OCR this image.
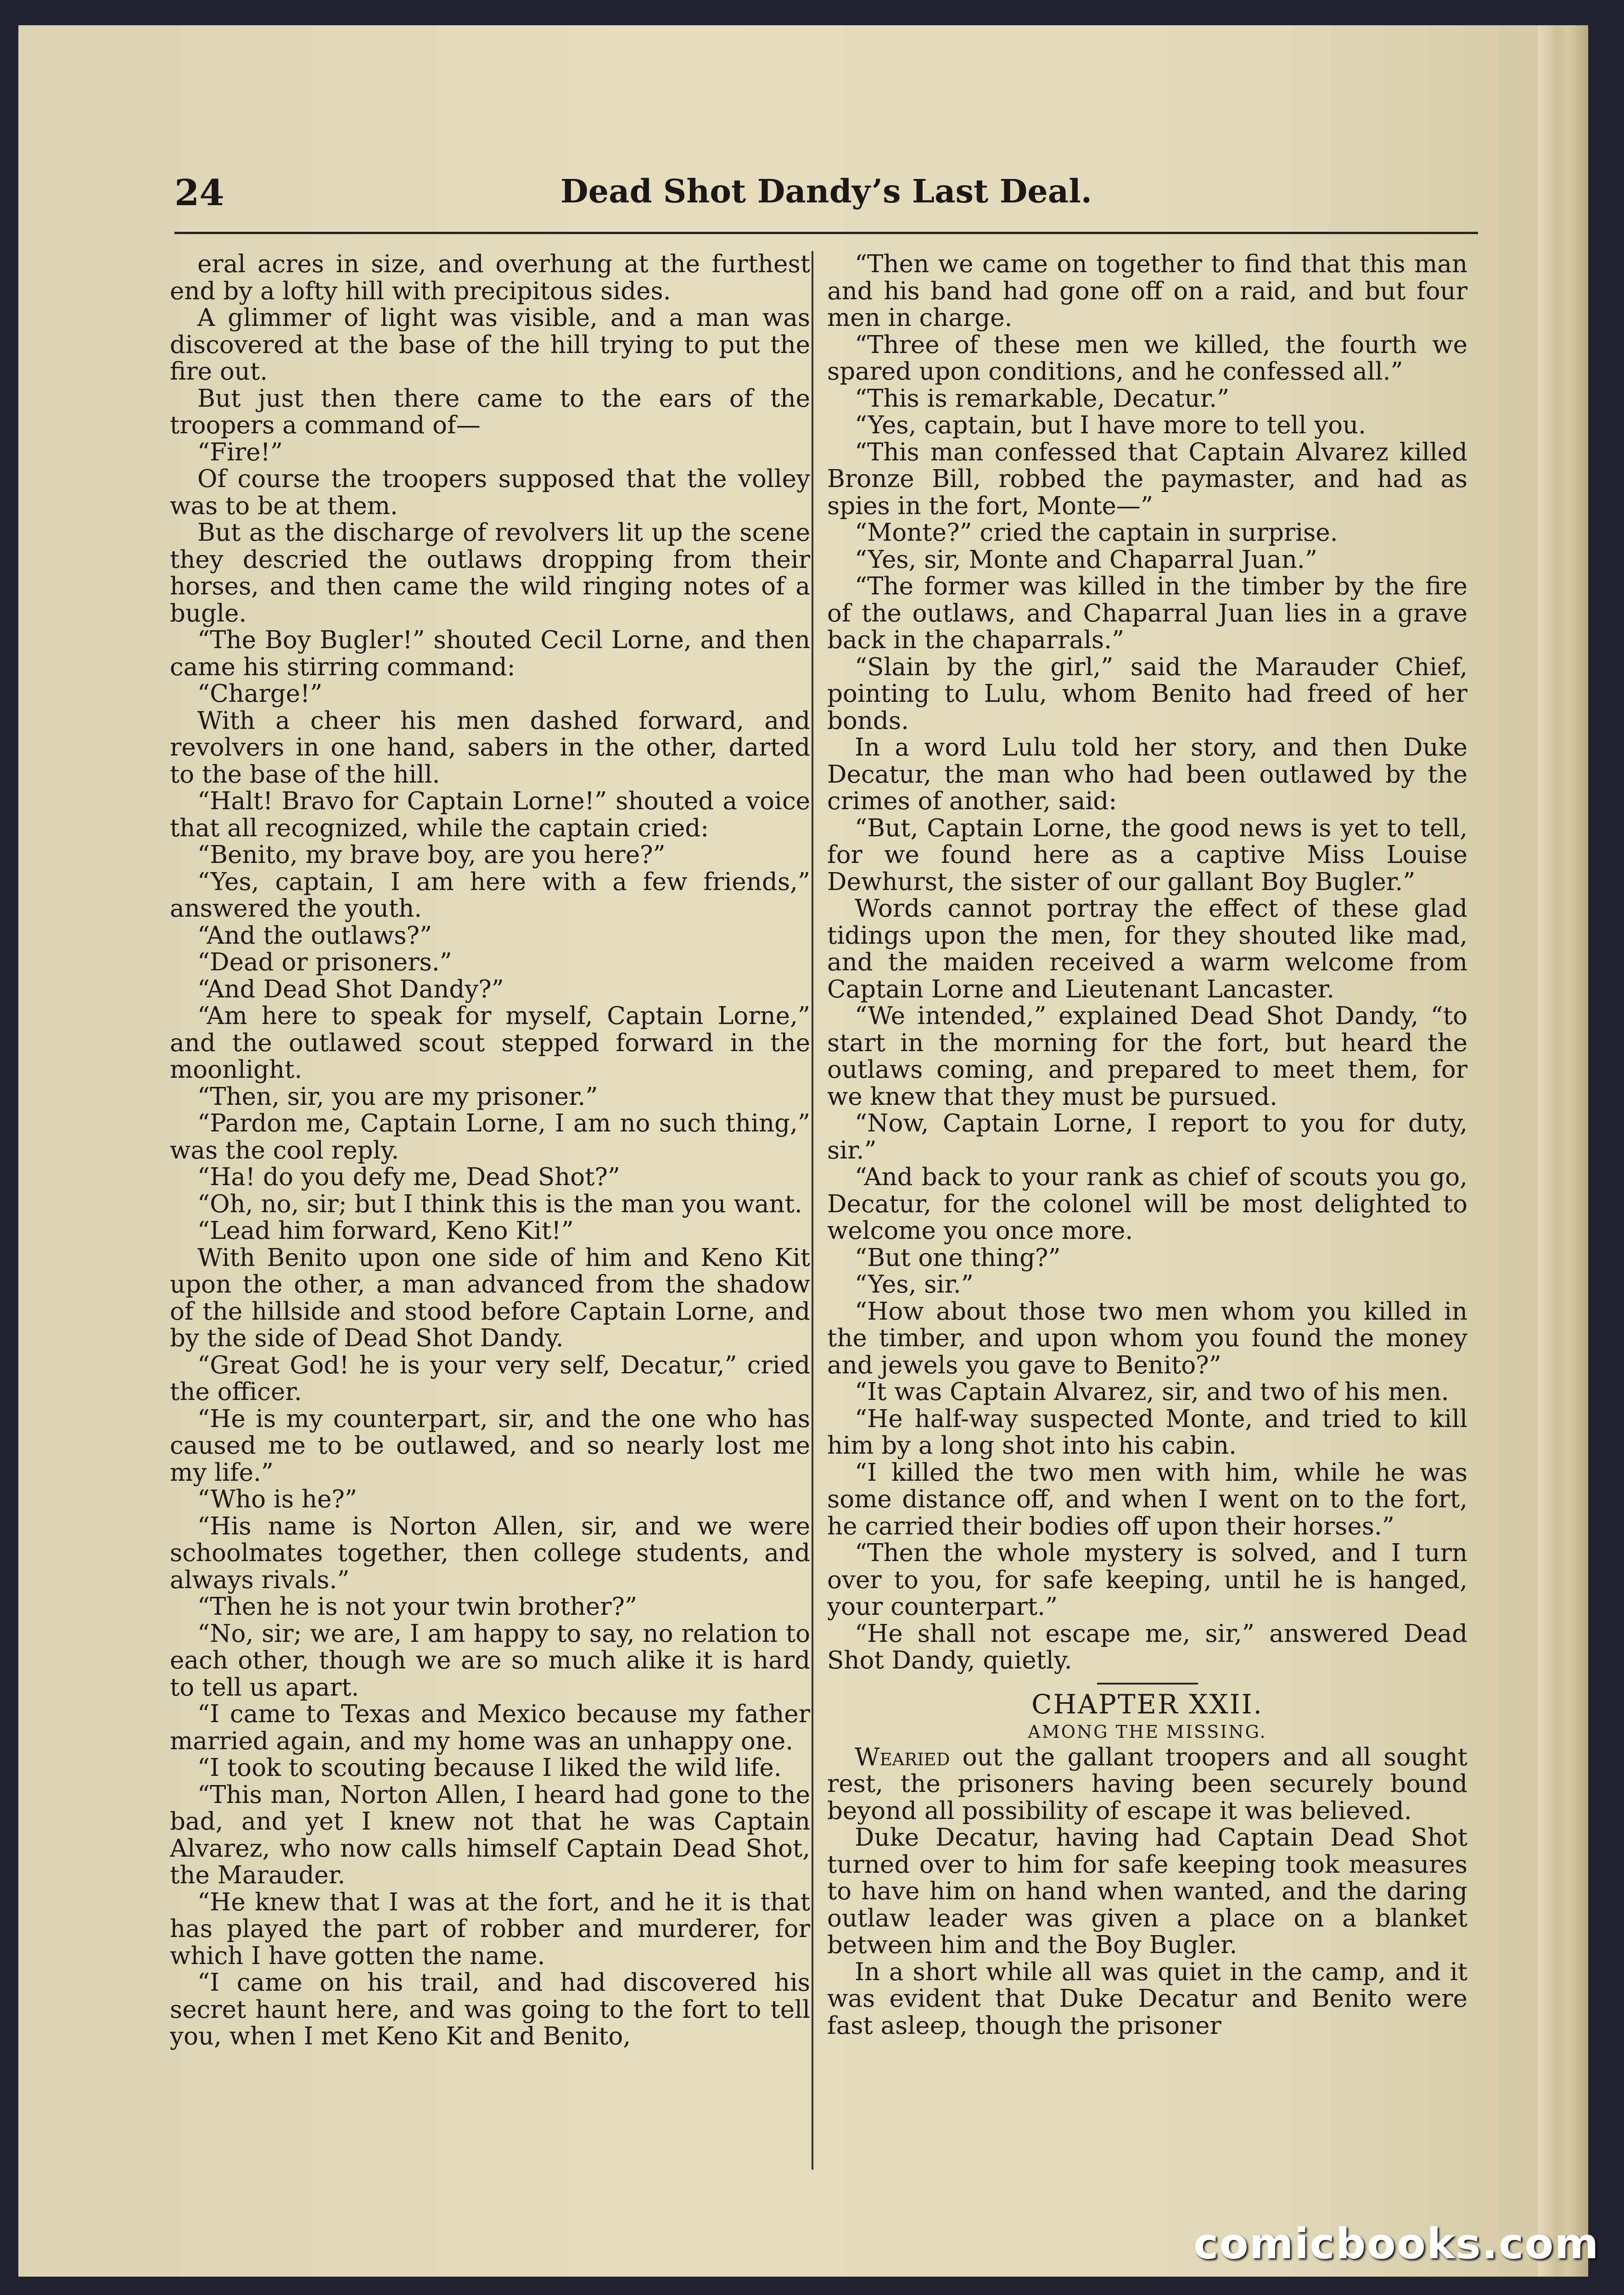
24	Dead Shot Dandy’s Last Deal.

eral acres in size, and overhung at the furthest end by a lofty hill with precipitous sides.

A glimmer of light was visible, and a man was discovered at the base of the hill trying to put the fire out.

But just then there came to the ears of the troopers a command of—

“Fire!”

Of course the troopers supposed that the volley was to be at them.

But as the discharge of revolvers lit up the scene they descried the outlaws dropping from their horses, and then came the wild ringing notes of a bugle.

“The Boy Bugler!” shouted Cecil Lorne, and then came his stirring command:

“Charge!”

With a cheer his men dashed forward, and revolvers in one hand, sabers in the other, darted to the base of the hill.

“Halt! Bravo for Captain Lorne!” shouted a voice that all recognized, while the captain cried:

“Benito, my brave boy, are you here?”

“Yes, captain, I am here with a few friends,” answered the youth.

“And the outlaws?”

“Dead or prisoners.”

“And Dead Shot Dandy?”

“Am here to speak for myself, Captain Lorne,” and the outlawed scout stepped forward in the moonlight.

“Then, sir, you are my prisoner.”

“Pardon me, Captain Lorne, I am no such thing,” was the cool reply.

“Ha! do you defy me, Dead Shot?”

“Oh, no, sir; but I think this is the man you want.

“Lead him forward, Keno Kit!”

With Benito upon one side of him and Keno Kit upon the other, a man advanced from the shadow of the hillside and stood before Captain Lorne, and by the side of Dead Shot Dandy.

“Great God! he is your very self, Decatur,” cried the officer.

“He is my counterpart, sir, and the one who has caused me to be outlawed, and so nearly lost me my life.”

“Who is he?”

“His name is Norton Allen, sir, and we were schoolmates together, then college students, and always rivals.”

“Then he is not your twin brother?”

“No, sir; we are, I am happy to say, no relation to each other, though we are so much alike it is hard to tell us apart.

“I came to Texas and Mexico because my father married again, and my home was an unhappy one.

“I took to scouting because I liked the wild life.

“This man, Norton Allen, I heard had gone to the bad, and yet I knew not that he was Captain Alvarez, who now calls himself Captain Dead Shot, the Marauder.

“He knew that I was at the fort, and he it is that has played the part of robber and murderer, for which I have gotten the name.

“I came on his trail, and had discovered his secret haunt here, and was going to the fort to tell you, when I met Keno Kit and Benito,

“Then we came on together to find that this man and his band had gone off on a raid, and but four men in charge.

“Three of these men we killed, the fourth we spared upon conditions, and he confessed all.”

“This is remarkable, Decatur.”

“Yes, captain, but I have more to tell you.

“This man confessed that Captain Alvarez killed Bronze Bill, robbed the paymaster, and had as spies in the fort, Monte—”

“Monte?” cried the captain in surprise.

“Yes, sir, Monte and Chaparral Juan.”

“The former was killed in the timber by the fire of the outlaws, and Chaparral Juan lies in a grave back in the chaparrals.”

“Slain by the girl,” said the Marauder Chief, pointing to Lulu, whom Benito had freed of her bonds.

In a word Lulu told her story, and then Duke Decatur, the man who had been outlawed by the crimes of another, said:

“But, Captain Lorne, the good news is yet to tell, for we found here as a captive Miss Louise Dewhurst, the sister of our gallant Boy Bugler.”

Words cannot portray the effect of these glad tidings upon the men, for they shouted like mad, and the maiden received a warm welcome from Captain Lorne and Lieutenant Lancaster.

“We intended,” explained Dead Shot Dandy, “to start in the morning for the fort, but heard the outlaws coming, and prepared to meet them, for we knew that they must be pursued.

“Now, Captain Lorne, I report to you for duty, sir.”

“And back to your rank as chief of scouts you go, Decatur, for the colonel will be most delighted to welcome you once more.

“But one thing?”

“Yes, sir.”

“How about those two men whom you killed in the timber, and upon whom you found the money and jewels you gave to Benito?”

“It was Captain Alvarez, sir, and two of his men.

“He half-way suspected Monte, and tried to kill him by a long shot into his cabin.

“I killed the two men with him, while he was some distance off, and when I went on to the fort, he carried their bodies off upon their horses.”

“Then the whole mystery is solved, and I turn over to you, for safe keeping, until he is hanged, your counterpart.”

“He shall not escape me, sir,” answered Dead Shot Dandy, quietly.

CHAPTER XXII.
AMONG THE MISSING.

Wearied out the gallant troopers and all sought rest, the prisoners having been securely bound beyond all possibility of escape it was believed.

Duke Decatur, having had Captain Dead Shot turned over to him for safe keeping took measures to have him on hand when wanted, and the daring outlaw leader was given a place on a blanket between him and the Boy Bugler.

In a short while all was quiet in the camp, and it was evident that Duke Decatur and Benito were fast asleep, though the prisoner

comicbooks.com
